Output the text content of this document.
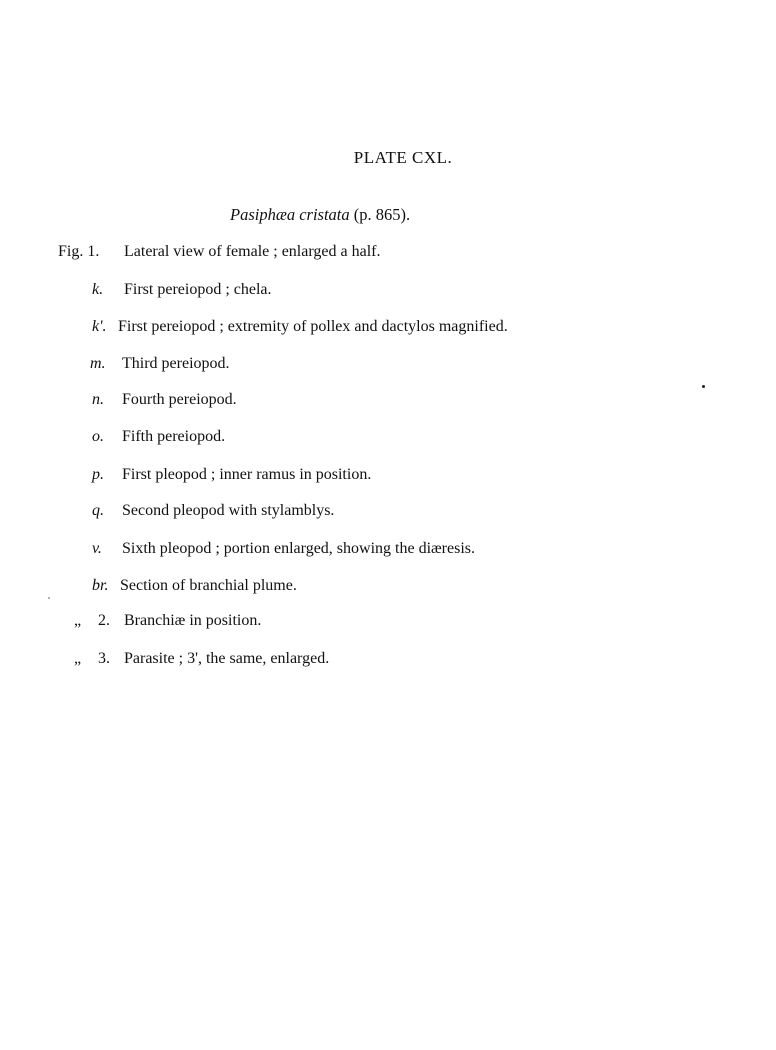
PLATE CXL.
Pasiphæa cristata (p. 865).
Fig. 1. Lateral view of female ; enlarged a half.
k. First pereiopod ; chela.
k'. First pereiopod ; extremity of pollex and dactylos magnified.
m. Third pereiopod.
n. Fourth pereiopod.
o. Fifth pereiopod.
p. First pleopod ; inner ramus in position.
q. Second pleopod with stylamblys.
v. Sixth pleopod ; portion enlarged, showing the diæresis.
br. Section of branchial plume.
„ 2. Branchiæ in position.
„ 3. Parasite ; 3', the same, enlarged.
